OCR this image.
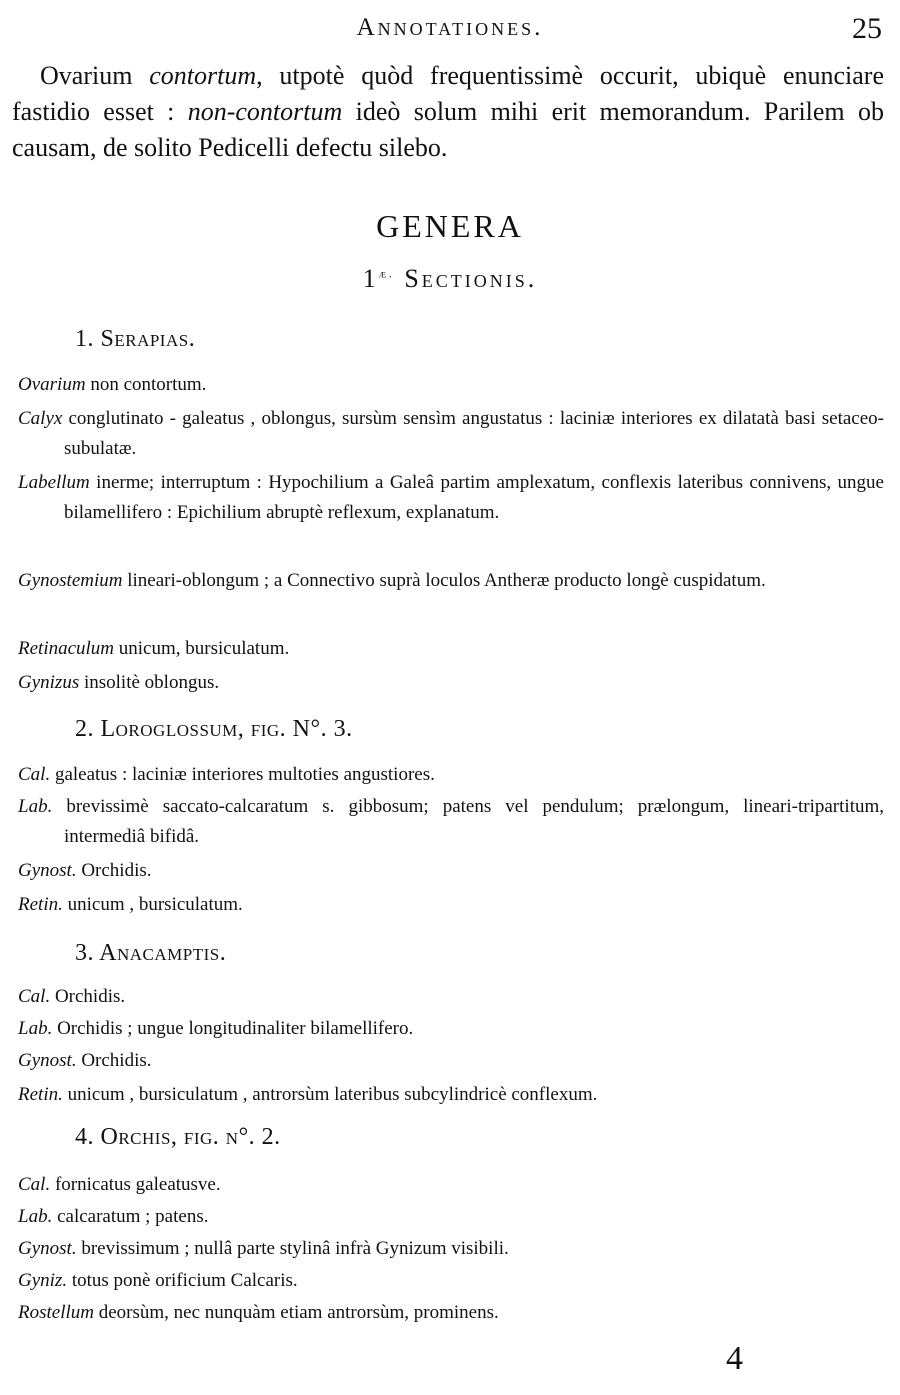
Annotationes.	25

Ovarium contortum, utpotè quòd frequentissimè occurit, ubiquè enunciare fastidio esset : non-contortum ideò solum mihi erit memorandum. Parilem ob causam, de solito Pedicelli defectu silebo.

GENERA
$1^{æ.}$ Sectionis.
1. Serapias.
Ovarium non contortum.
Calyx conglutinato - galeatus , oblongus, sursùm sensìm angustatus : laciniæ interiores ex dilatatà basi setaceo-subulatæ.
Labellum inerme; interruptum : Hypochilium a Galeâ partim amplexatum, conflexis lateribus connivens, ungue bilamellifero : Epichilium abruptè reflexum, explanatum.
Gynostemium lineari-oblongum ; a Connectivo suprà loculos Antheræ producto longè cuspidatum.
Retinaculum unicum, bursiculatum.
Gynizus insolitè oblongus.
2. Loroglossum, fig. N°. 3.
Cal. galeatus : laciniæ interiores multoties angustiores.
Lab. brevissimè saccato-calcaratum s. gibbosum; patens vel pendulum; prælongum, lineari-tripartitum, intermediâ bifidâ.
Gynost. Orchidis.
Retin. unicum , bursiculatum.
3. Anacamptis.
Cal. Orchidis.
Lab. Orchidis ; ungue longitudinaliter bilamellifero.
Gynost. Orchidis.
Retin. unicum , bursiculatum , antrorsùm lateribus subcylindricè conflexum.
4. Orchis, fig. n°. 2.
Cal. fornicatus galeatusve.
Lab. calcaratum ; patens.
Gynost. brevissimum ; nullâ parte stylinâ infrà Gynizum visibili.
Gyniz. totus ponè orificium Calcaris.
Rostellum deorsùm, nec nunquàm etiam antrorsùm, prominens.
4
